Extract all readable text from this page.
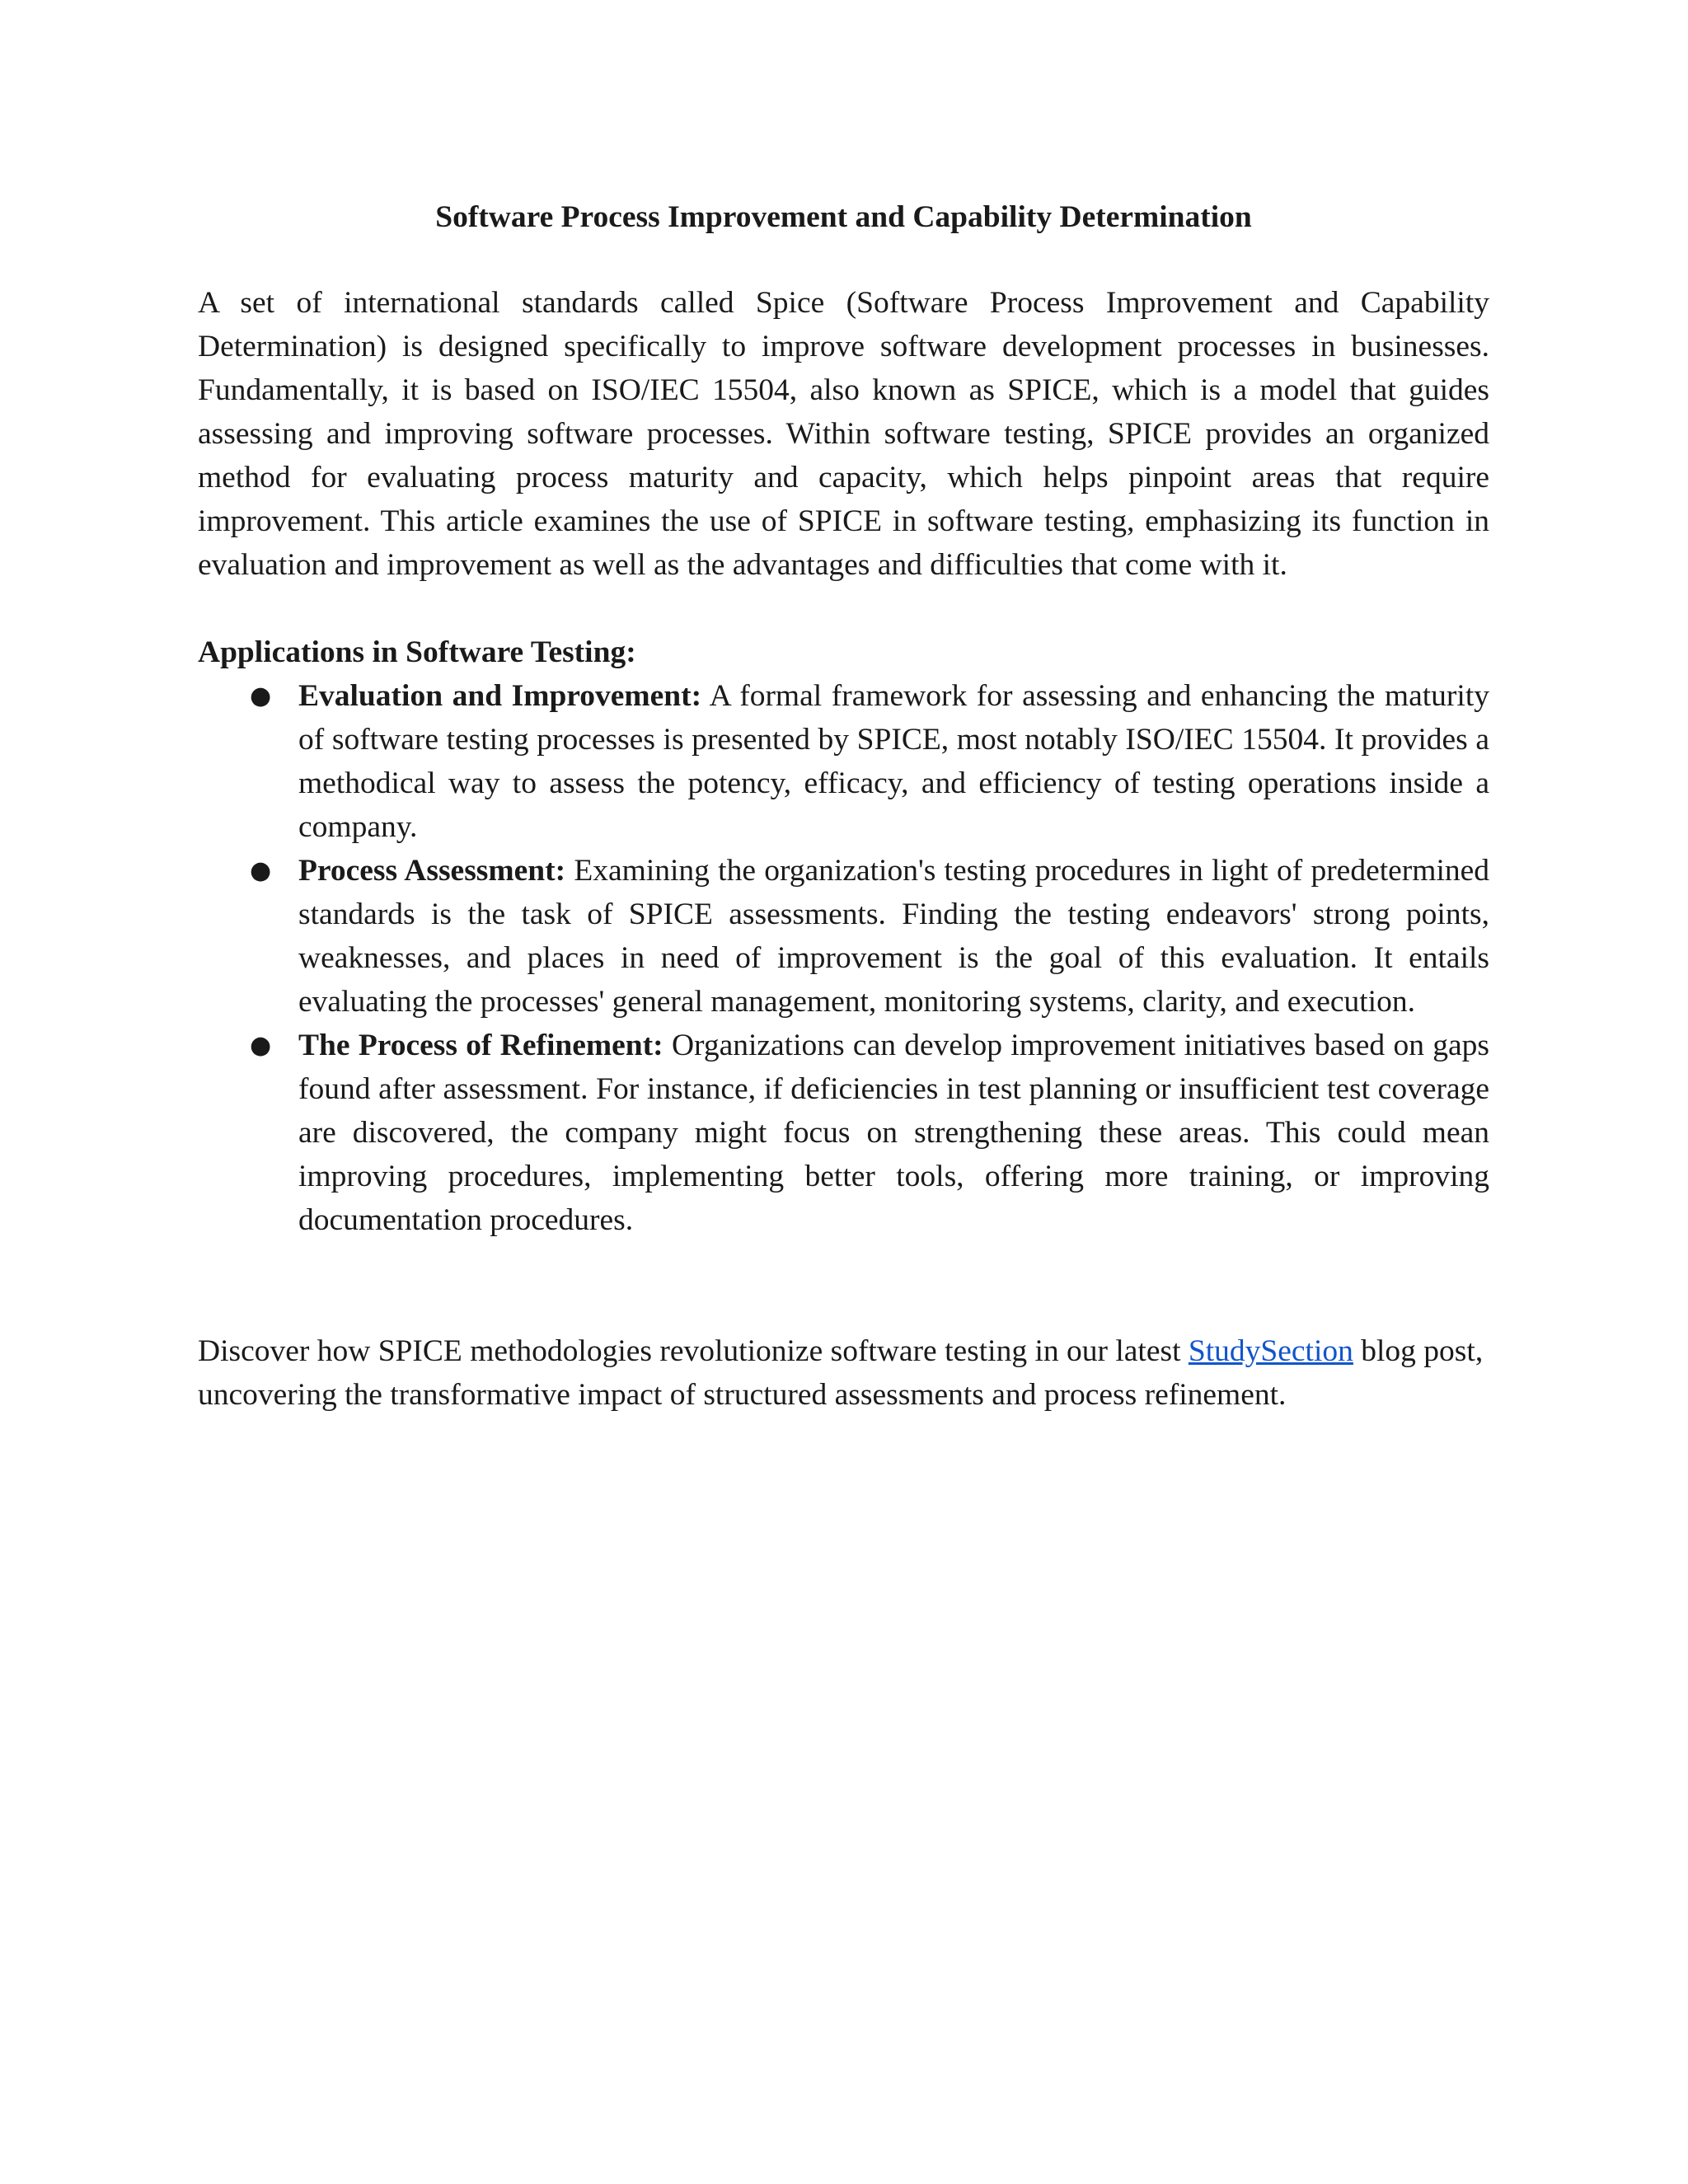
Software Process Improvement and Capability Determination

A set of international standards called Spice (Software Process Improvement and Capability Determination) is designed specifically to improve software development processes in businesses. Fundamentally, it is based on ISO/IEC 15504, also known as SPICE, which is a model that guides assessing and improving software processes. Within software testing, SPICE provides an organized method for evaluating process maturity and capacity, which helps pinpoint areas that require improvement. This article examines the use of SPICE in software testing, emphasizing its function in evaluation and improvement as well as the advantages and difficulties that come with it.

Applications in Software Testing:
● Evaluation and Improvement: A formal framework for assessing and enhancing the maturity of software testing processes is presented by SPICE, most notably ISO/IEC 15504. It provides a methodical way to assess the potency, efficacy, and efficiency of testing operations inside a company.
● Process Assessment: Examining the organization's testing procedures in light of predetermined standards is the task of SPICE assessments. Finding the testing endeavors' strong points, weaknesses, and places in need of improvement is the goal of this evaluation. It entails evaluating the processes' general management, monitoring systems, clarity, and execution.
● The Process of Refinement: Organizations can develop improvement initiatives based on gaps found after assessment. For instance, if deficiencies in test planning or insufficient test coverage are discovered, the company might focus on strengthening these areas. This could mean improving procedures, implementing better tools, offering more training, or improving documentation procedures.

Discover how SPICE methodologies revolutionize software testing in our latest StudySection blog post, uncovering the transformative impact of structured assessments and process refinement.
